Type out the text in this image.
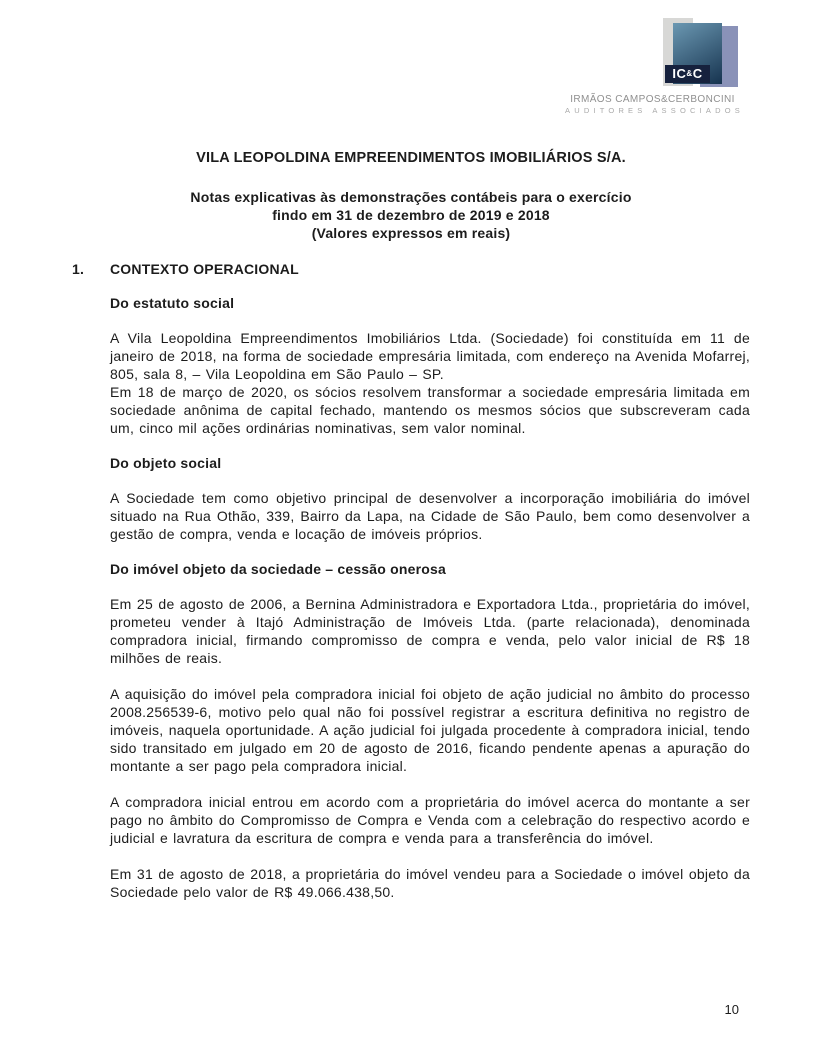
IC&C
IRMÃOS CAMPOS&CERBONCINI
AUDITORES ASSOCIADOS
VILA LEOPOLDINA EMPREENDIMENTOS IMOBILIÁRIOS S/A.
Notas explicativas às demonstrações contábeis para o exercício
findo em 31 de dezembro de 2019 e 2018
(Valores expressos em reais)
1.	CONTEXTO OPERACIONAL
Do estatuto social

A Vila Leopoldina Empreendimentos Imobiliários Ltda. (Sociedade) foi constituída em 11 de janeiro de 2018, na forma de sociedade empresária limitada, com endereço na Avenida Mofarrej, 805, sala 8, – Vila Leopoldina em São Paulo – SP.

Em 18 de março de 2020, os sócios resolvem transformar a sociedade empresária limitada em sociedade anônima de capital fechado, mantendo os mesmos sócios que subscreveram cada um, cinco mil ações ordinárias nominativas, sem valor nominal.

Do objeto social

A Sociedade tem como objetivo principal de desenvolver a incorporação imobiliária do imóvel situado na Rua Othão, 339, Bairro da Lapa, na Cidade de São Paulo, bem como desenvolver a gestão de compra, venda e locação de imóveis próprios.

Do imóvel objeto da sociedade – cessão onerosa

Em 25 de agosto de 2006, a Bernina Administradora e Exportadora Ltda., proprietária do imóvel, prometeu vender à Itajó Administração de Imóveis Ltda. (parte relacionada), denominada compradora inicial, firmando compromisso de compra e venda, pelo valor inicial de R$ 18 milhões de reais.

A aquisição do imóvel pela compradora inicial foi objeto de ação judicial no âmbito do processo 2008.256539-6, motivo pelo qual não foi possível registrar a escritura definitiva no registro de imóveis, naquela oportunidade. A ação judicial foi julgada procedente à compradora inicial, tendo sido transitado em julgado em 20 de agosto de 2016, ficando pendente apenas a apuração do montante a ser pago pela compradora inicial.

A compradora inicial entrou em acordo com a proprietária do imóvel acerca do montante a ser pago no âmbito do Compromisso de Compra e Venda com a celebração do respectivo acordo e judicial e lavratura da escritura de compra e venda para a transferência do imóvel.

Em 31 de agosto de 2018, a proprietária do imóvel vendeu para a Sociedade o imóvel objeto da Sociedade pelo valor de R$ 49.066.438,50.

10
